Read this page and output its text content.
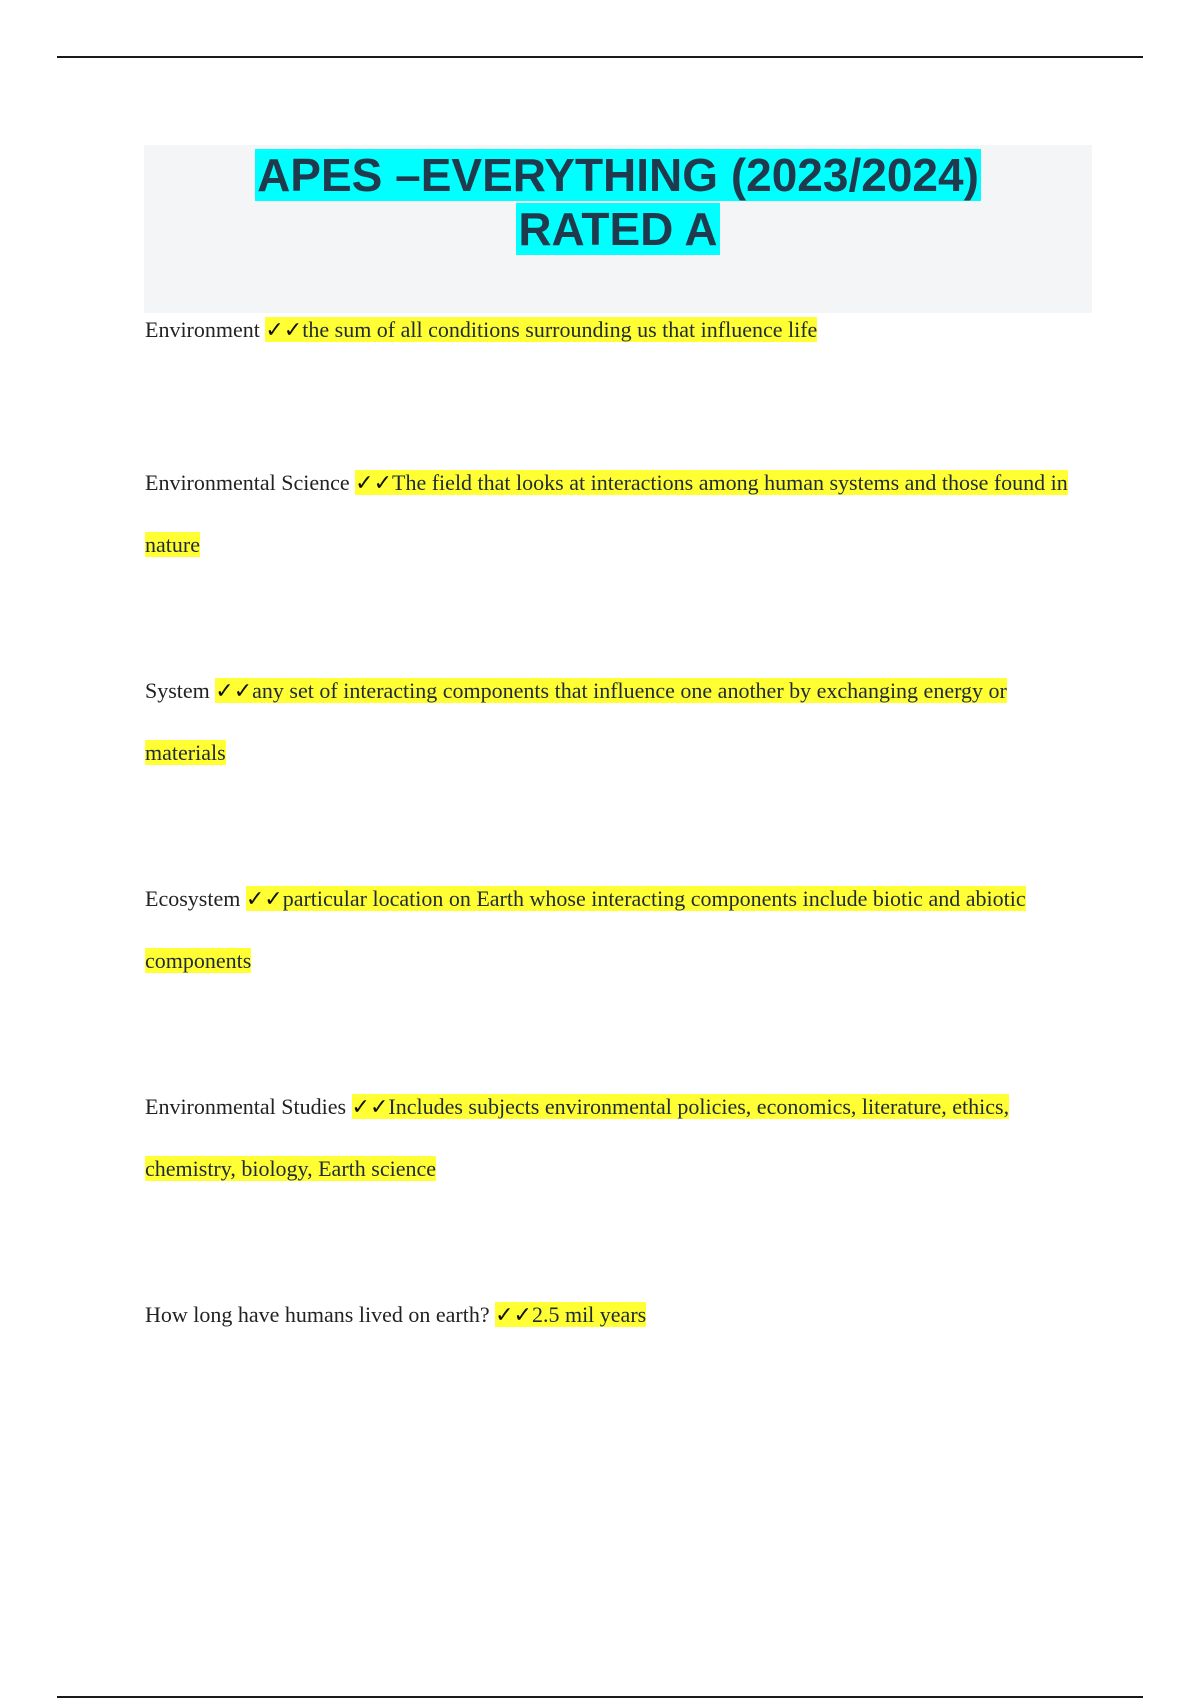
APES –EVERYTHING (2023/2024)
RATED A
Environment ✓✓the sum of all conditions surrounding us that influence life
Environmental Science ✓✓The field that looks at interactions among human systems and those found in nature
System ✓✓any set of interacting components that influence one another by exchanging energy or materials
Ecosystem ✓✓particular location on Earth whose interacting components include biotic and abiotic components
Environmental Studies ✓✓Includes subjects environmental policies, economics, literature, ethics, chemistry, biology, Earth science
How long have humans lived on earth? ✓✓2.5 mil years
